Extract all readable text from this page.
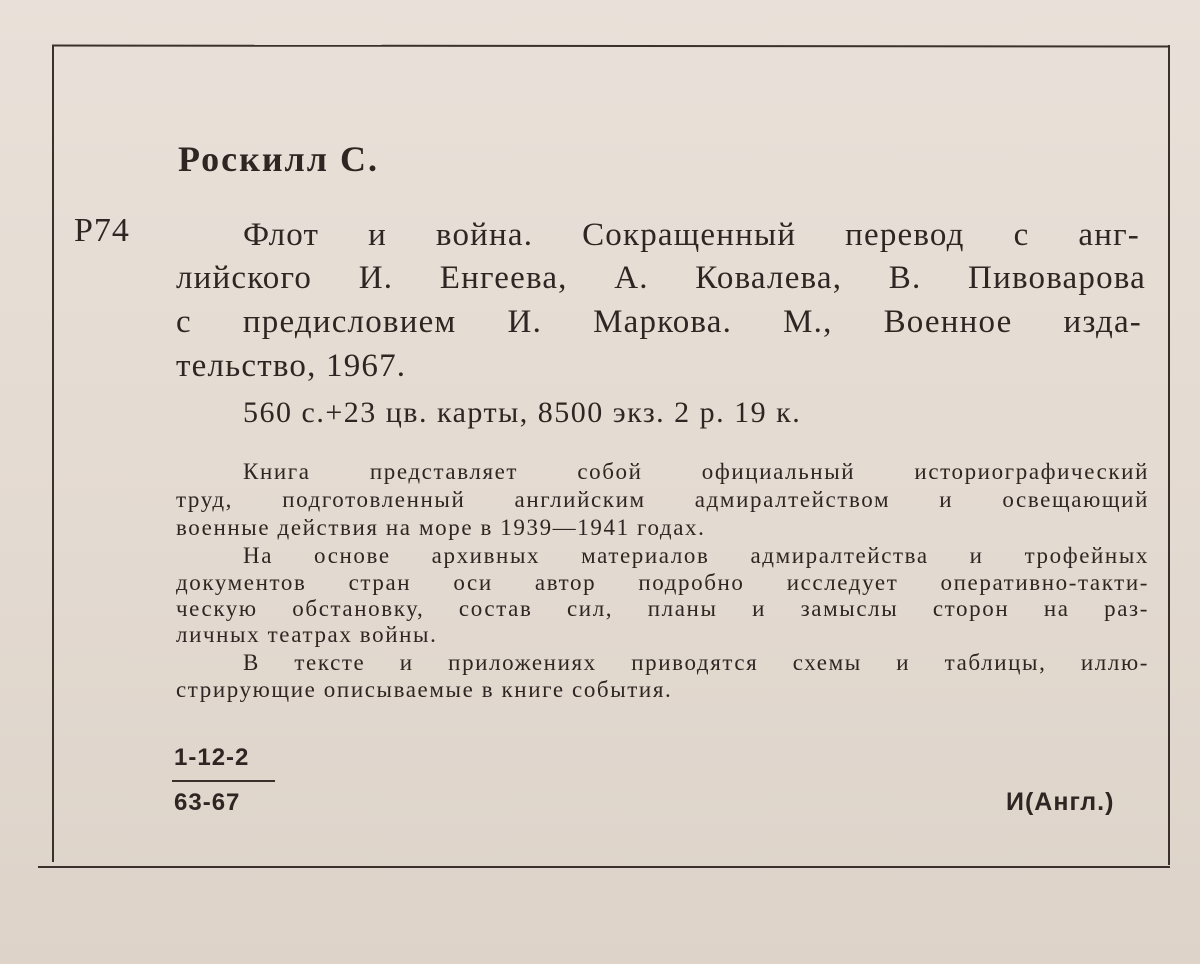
Роскилл С.
Р74	Флот и война. Сокращенный перевод с анг-
лийского И. Енгеева, А. Ковалева, В. Пивоварова
с предисловием И. Маркова. М., Военное изда-
тельство, 1967.
560 с.+23 цв. карты, 8500 экз. 2 р. 19 к.
Книга представляет собой официальный историографический
труд, подготовленный английским адмиралтейством и освещающий
военные действия на море в 1939—1941 годах.
На основе архивных материалов адмиралтейства и трофейных
документов стран оси автор подробно исследует оперативно-такти-
ческую обстановку, состав сил, планы и замыслы сторон на раз-
личных театрах войны.
В тексте и приложениях приводятся схемы и таблицы, иллю-
стрирующие описываемые в книге события.
1-12-2
63-67	И(Англ.)
